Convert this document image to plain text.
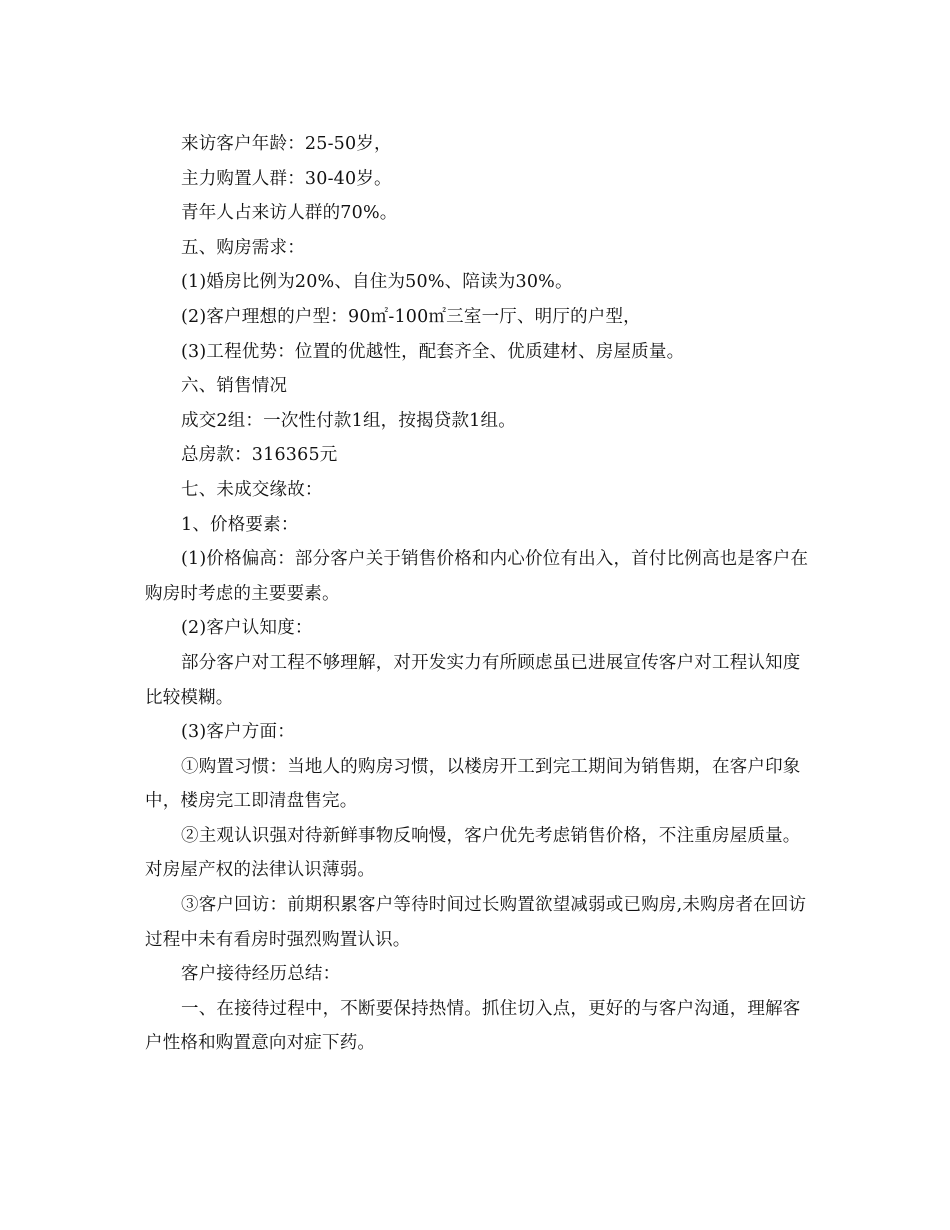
来访客户年龄：25-50岁，

主力购置人群：30-40岁。

青年人占来访人群的70%。

五、购房需求：

(1)婚房比例为20%、自住为50%、陪读为30%。

(2)客户理想的户型：90㎡-100㎡三室一厅、明厅的户型，

(3)工程优势：位置的优越性，配套齐全、优质建材、房屋质量。

六、销售情况

成交2组：一次性付款1组，按揭贷款1组。

总房款：316365元

七、未成交缘故：

1、价格要素：

(1)价格偏高：部分客户关于销售价格和内心价位有出入，首付比例高也是客户在购房时考虑的主要要素。

(2)客户认知度：

部分客户对工程不够理解，对开发实力有所顾虑虽已进展宣传客户对工程认知度比较模糊。

(3)客户方面：

①购置习惯：当地人的购房习惯，以楼房开工到完工期间为销售期，在客户印象中，楼房完工即清盘售完。

②主观认识强对待新鲜事物反响慢，客户优先考虑销售价格，不注重房屋质量。对房屋产权的法律认识薄弱。

③客户回访：前期积累客户等待时间过长购置欲望减弱或已购房,未购房者在回访过程中未有看房时强烈购置认识。

客户接待经历总结：

一、在接待过程中，不断要保持热情。抓住切入点，更好的与客户沟通，理解客户性格和购置意向对症下药。
